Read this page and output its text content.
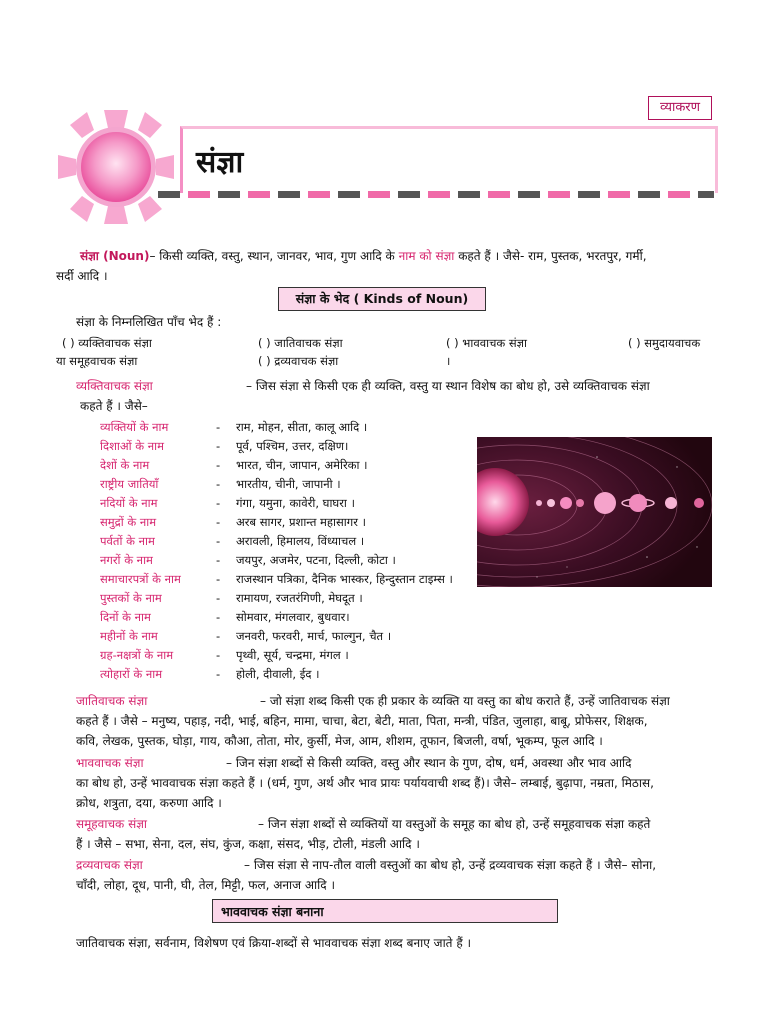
व्याकरण
संज्ञा
संज्ञा (Noun)– किसी व्यक्ति, वस्तु, स्थान, जानवर, भाव, गुण आदि के नाम को संज्ञा कहते हैं । जैसे- राम, पुस्तक, भरतपुर, गर्मी,
सर्दी आदि ।
संज्ञा के भेद ( Kinds of Noun)
संज्ञा के निम्नलिखित पाँच भेद हैं :
( ) व्यक्तिवाचक संज्ञा	( ) जातिवाचक संज्ञा	( ) भाववाचक संज्ञा	( ) समुदायवाचक
या समूहवाचक संज्ञा	( ) द्रव्यवाचक संज्ञा	।
व्यक्तिवाचक संज्ञा	– जिस संज्ञा से किसी एक ही व्यक्ति, वस्तु या स्थान विशेष का बोध हो, उसे व्यक्तिवाचक संज्ञा
कहते हैं । जैसे–
व्यक्तियों के नाम	-	राम, मोहन, सीता, कालू आदि ।
दिशाओं के नाम	-	पूर्व, पश्चिम, उत्तर, दक्षिण।
देशों के नाम	-	भारत, चीन, जापान, अमेरिका ।
राष्ट्रीय जातियाँ	-	भारतीय, चीनी, जापानी ।
नदियों के नाम	-	गंगा, यमुना, कावेरी, घाघरा ।
समुद्रों के नाम	-	अरब सागर, प्रशान्त महासागर ।
पर्वतों के नाम	-	अरावली, हिमालय, विंध्याचल ।
नगरों के नाम	-	जयपुर, अजमेर, पटना, दिल्ली, कोटा ।
समाचारपत्रों के नाम	-	राजस्थान पत्रिका, दैनिक भास्कर, हिन्दुस्तान टाइम्स ।
पुस्तकों के नाम	-	रामायण, रजतरंगिणी, मेघदूत ।
दिनों के नाम	-	सोमवार, मंगलवार, बुधवार।
महीनों के नाम	-	जनवरी, फरवरी, मार्च, फाल्गुन, चैत ।
ग्रह-नक्षत्रों के नाम	-	पृथ्वी, सूर्य, चन्द्रमा, मंगल ।
त्योहारों के नाम	-	होली, दीवाली, ईद ।
जातिवाचक संज्ञा	– जो संज्ञा शब्द किसी एक ही प्रकार के व्यक्ति या वस्तु का बोध कराते हैं, उन्हें जातिवाचक संज्ञा
कहते हैं । जैसे – मनुष्य, पहाड़, नदी, भाई, बहिन, मामा, चाचा, बेटा, बेटी, माता, पिता, मन्त्री, पंडित, जुलाहा, बाबू, प्रोफेसर, शिक्षक,
कवि, लेखक, पुस्तक, घोड़ा, गाय, कौआ, तोता, मोर, कुर्सी, मेज, आम, शीशम, तूफान, बिजली, वर्षा, भूकम्प, फूल आदि ।
भाववाचक संज्ञा	– जिन संज्ञा शब्दों से किसी व्यक्ति, वस्तु और स्थान के गुण, दोष, धर्म, अवस्था और भाव आदि
का बोध हो, उन्हें भाववाचक संज्ञा कहते हैं । (धर्म, गुण, अर्थ और भाव प्रायः पर्यायवाची शब्द हैं)। जैसे– लम्बाई, बुढ़ापा, नम्रता, मिठास,
क्रोध, शत्रुता, दया, करुणा आदि ।
समूहवाचक संज्ञा	– जिन संज्ञा शब्दों से व्यक्तियों या वस्तुओं के समूह का बोध हो, उन्हें समूहवाचक संज्ञा कहते
हैं । जैसे – सभा, सेना, दल, संघ, कुंज, कक्षा, संसद, भीड़, टोली, मंडली आदि ।
द्रव्यवाचक संज्ञा	– जिस संज्ञा से नाप-तौल वाली वस्तुओं का बोध हो, उन्हें द्रव्यवाचक संज्ञा कहते हैं । जैसे– सोना,
चाँदी, लोहा, दूध, पानी, घी, तेल, मिट्टी, फल, अनाज आदि ।
भाववाचक संज्ञा बनाना
जातिवाचक संज्ञा, सर्वनाम, विशेषण एवं क्रिया-शब्दों से भाववाचक संज्ञा शब्द बनाए जाते हैं ।
